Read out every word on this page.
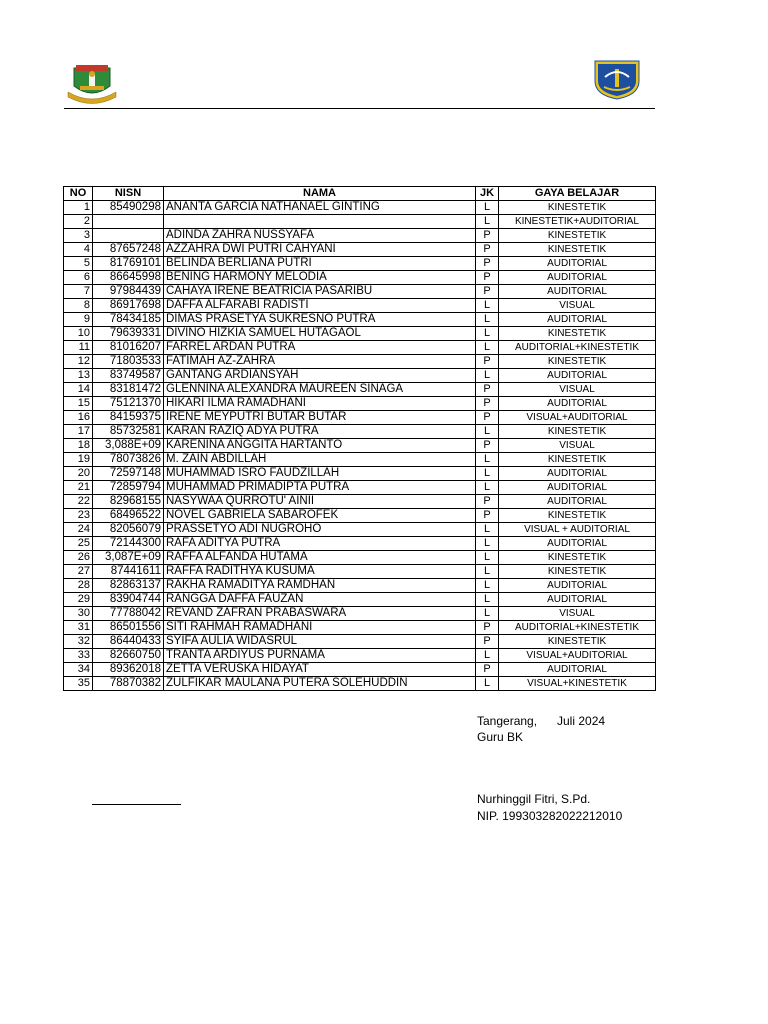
NO	NISN	NAMA	JK	GAYA BELAJAR
1	85490298	ANANTA GARCIA NATHANAEL GINTING	L	KINESTETIK
2			L	KINESTETIK+AUDITORIAL
3		ADINDA ZAHRA NUSSYAFA	P	KINESTETIK
4	87657248	AZZAHRA DWI PUTRI CAHYANI	P	KINESTETIK
5	81769101	BELINDA BERLIANA PUTRI	P	AUDITORIAL
6	86645998	BENING HARMONY MELODIA	P	AUDITORIAL
7	97984439	CAHAYA IRENE BEATRICIA PASARIBU	P	AUDITORIAL
8	86917698	DAFFA ALFARABI RADISTI	L	VISUAL
9	78434185	DIMAS PRASETYA SUKRESNO PUTRA	L	AUDITORIAL
10	79639331	DIVINO HIZKIA SAMUEL HUTAGAOL	L	KINESTETIK
11	81016207	FARREL ARDAN PUTRA	L	AUDITORIAL+KINESTETIK
12	71803533	FATIMAH AZ-ZAHRA	P	KINESTETIK
13	83749587	GANTANG ARDIANSYAH	L	AUDITORIAL
14	83181472	GLENNINA ALEXANDRA MAUREEN SINAGA	P	VISUAL
15	75121370	HIKARI ILMA RAMADHANI	P	AUDITORIAL
16	84159375	IRENE MEYPUTRI BUTAR BUTAR	P	VISUAL+AUDITORIAL
17	85732581	KARAN RAZIQ ADYA PUTRA	L	KINESTETIK
18	3,088E+09	KARENINA ANGGITA HARTANTO	P	VISUAL
19	78073826	M. ZAIN ABDILLAH	L	KINESTETIK
20	72597148	MUHAMMAD ISRO FAUDZILLAH	L	AUDITORIAL
21	72859794	MUHAMMAD PRIMADIPTA PUTRA	L	AUDITORIAL
22	82968155	NASYWAA QURROTU' AINII	P	AUDITORIAL
23	68496522	NOVEL GABRIELA SABAROFEK	P	KINESTETIK
24	82056079	PRASSETYO ADI NUGROHO	L	VISUAL + AUDITORIAL
25	72144300	RAFA ADITYA PUTRA	L	AUDITORIAL
26	3,087E+09	RAFFA ALFANDA HUTAMA	L	KINESTETIK
27	87441611	RAFFA RADITHYA KUSUMA	L	KINESTETIK
28	82863137	RAKHA RAMADITYA RAMDHAN	L	AUDITORIAL
29	83904744	RANGGA DAFFA FAUZAN	L	AUDITORIAL
30	77788042	REVAND ZAFRAN PRABASWARA	L	VISUAL
31	86501556	SITI RAHMAH RAMADHANI	P	AUDITORIAL+KINESTETIK
32	86440433	SYIFA AULIA WIDASRUL	P	KINESTETIK
33	82660750	TRANTA ARDIYUS PURNAMA	L	VISUAL+AUDITORIAL
34	89362018	ZETTA VERUSKA HIDAYAT	P	AUDITORIAL
35	78870382	ZULFIKAR MAULANA PUTERA SOLEHUDDIN	L	VISUAL+KINESTETIK
Tangerang, Juli 2024
Guru BK
Nurhinggil Fitri, S.Pd.
NIP. 199303282022212010
